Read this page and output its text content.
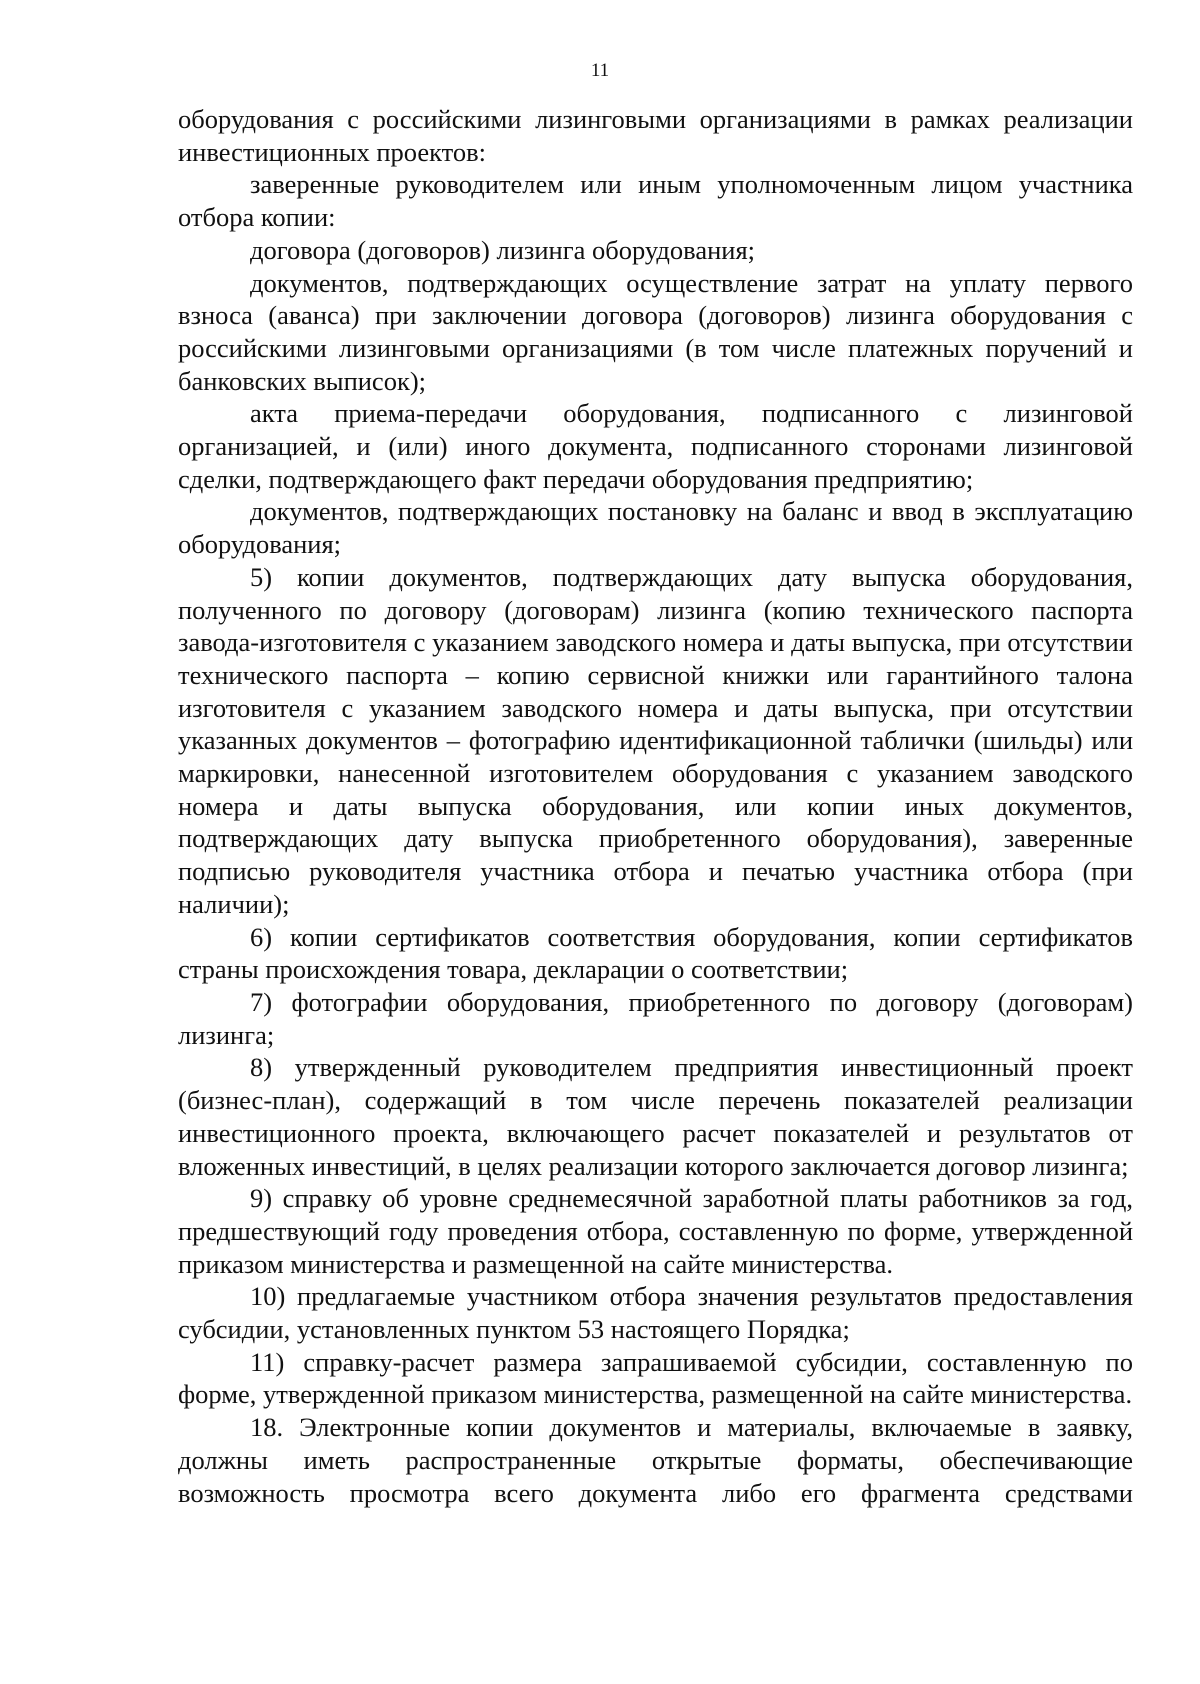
11

оборудования с российскими лизинговыми организациями в рамках реализации инвестиционных проектов:

заверенные руководителем или иным уполномоченным лицом участника отбора копии:

договора (договоров) лизинга оборудования;

документов, подтверждающих осуществление затрат на уплату первого взноса (аванса) при заключении договора (договоров) лизинга оборудования с российскими лизинговыми организациями (в том числе платежных поручений и банковских выписок);

акта приема-передачи оборудования, подписанного с лизинговой организацией, и (или) иного документа, подписанного сторонами лизинговой сделки, подтверждающего факт передачи оборудования предприятию;

документов, подтверждающих постановку на баланс и ввод в эксплуатацию оборудования;

5) копии документов, подтверждающих дату выпуска оборудования, полученного по договору (договорам) лизинга (копию технического паспорта завода-изготовителя с указанием заводского номера и даты выпуска, при отсутствии технического паспорта – копию сервисной книжки или гарантийного талона изготовителя с указанием заводского номера и даты выпуска, при отсутствии указанных документов – фотографию идентификационной таблички (шильды) или маркировки, нанесенной изготовителем оборудования с указанием заводского номера и даты выпуска оборудования, или копии иных документов, подтверждающих дату выпуска приобретенного оборудования), заверенные подписью руководителя участника отбора и печатью участника отбора (при наличии);

6) копии сертификатов соответствия оборудования, копии сертификатов страны происхождения товара, декларации о соответствии;

7) фотографии оборудования, приобретенного по договору (договорам) лизинга;

8) утвержденный руководителем предприятия инвестиционный проект (бизнес-план), содержащий в том числе перечень показателей реализации инвестиционного проекта, включающего расчет показателей и результатов от вложенных инвестиций, в целях реализации которого заключается договор лизинга;

9) справку об уровне среднемесячной заработной платы работников за год, предшествующий году проведения отбора, составленную по форме, утвержденной приказом министерства и размещенной на сайте министерства.

10) предлагаемые участником отбора значения результатов предоставления субсидии, установленных пунктом 53 настоящего Порядка;

11) справку-расчет размера запрашиваемой субсидии, составленную по форме, утвержденной приказом министерства, размещенной на сайте министерства.

18. Электронные копии документов и материалы, включаемые в заявку, должны иметь распространенные открытые форматы, обеспечивающие возможность просмотра всего документа либо его фрагмента средствами
